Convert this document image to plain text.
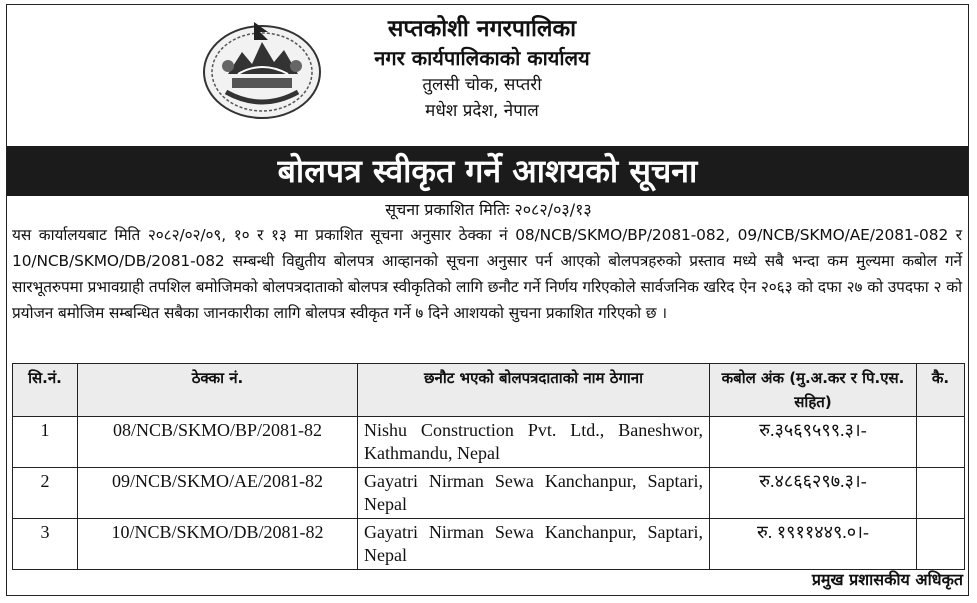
सप्तकोशी नगरपालिका
नगर कार्यपालिकाको कार्यालय
तुलसी चोक, सप्तरी
मधेश प्रदेश, नेपाल
बोलपत्र स्वीकृत गर्ने आशयको सूचना
सूचना प्रकाशित मितिः २०८२/०३/१३
यस कार्यालयबाट मिति २०८२/०२/०९, १० र १३ मा प्रकाशित सूचना अनुसार ठेक्का नं 08/NCB/SKMO/BP/2081-082, 09/NCB/SKMO/AE/2081-082 र 10/NCB/SKMO/DB/2081-082 सम्बन्धी विद्युतीय बोलपत्र आव्हानको सूचना अनुसार पर्न आएको बोलपत्रहरुको प्रस्ताव मध्ये सबै भन्दा कम मुल्यमा कबोल गर्ने सारभूतरुपमा प्रभावग्राही तपशिल बमोजिमको बोलपत्रदाताको बोलपत्र स्वीकृतिको लागि छनौट गर्ने निर्णय गरिएकोले सार्वजनिक खरिद ऐन २०६३ को दफा २७ को उपदफा २ को प्रयोजन बमोजिम सम्बन्धित सबैका जानकारीका लागि बोलपत्र स्वीकृत गर्ने ७ दिने आशयको सुचना प्रकाशित गरिएको छ ।
सि.नं.	ठेक्का नं.	छनौट भएको बोलपत्रदाताको नाम ठेगाना	कबोल अंक (मु.अ.कर र पि.एस. सहित)	कै.
1	08/NCB/SKMO/BP/2081-82	Nishu Construction Pvt. Ltd., Baneshwor, Kathmandu, Nepal	रु.३५६९५९९.३।-	
2	09/NCB/SKMO/AE/2081-82	Gayatri Nirman Sewa Kanchanpur, Saptari, Nepal	रु.४८६६२९७.३।-	
3	10/NCB/SKMO/DB/2081-82	Gayatri Nirman Sewa Kanchanpur, Saptari, Nepal	रु. १९११४४९.०।-	
प्रमुख प्रशासकीय अधिकृत
